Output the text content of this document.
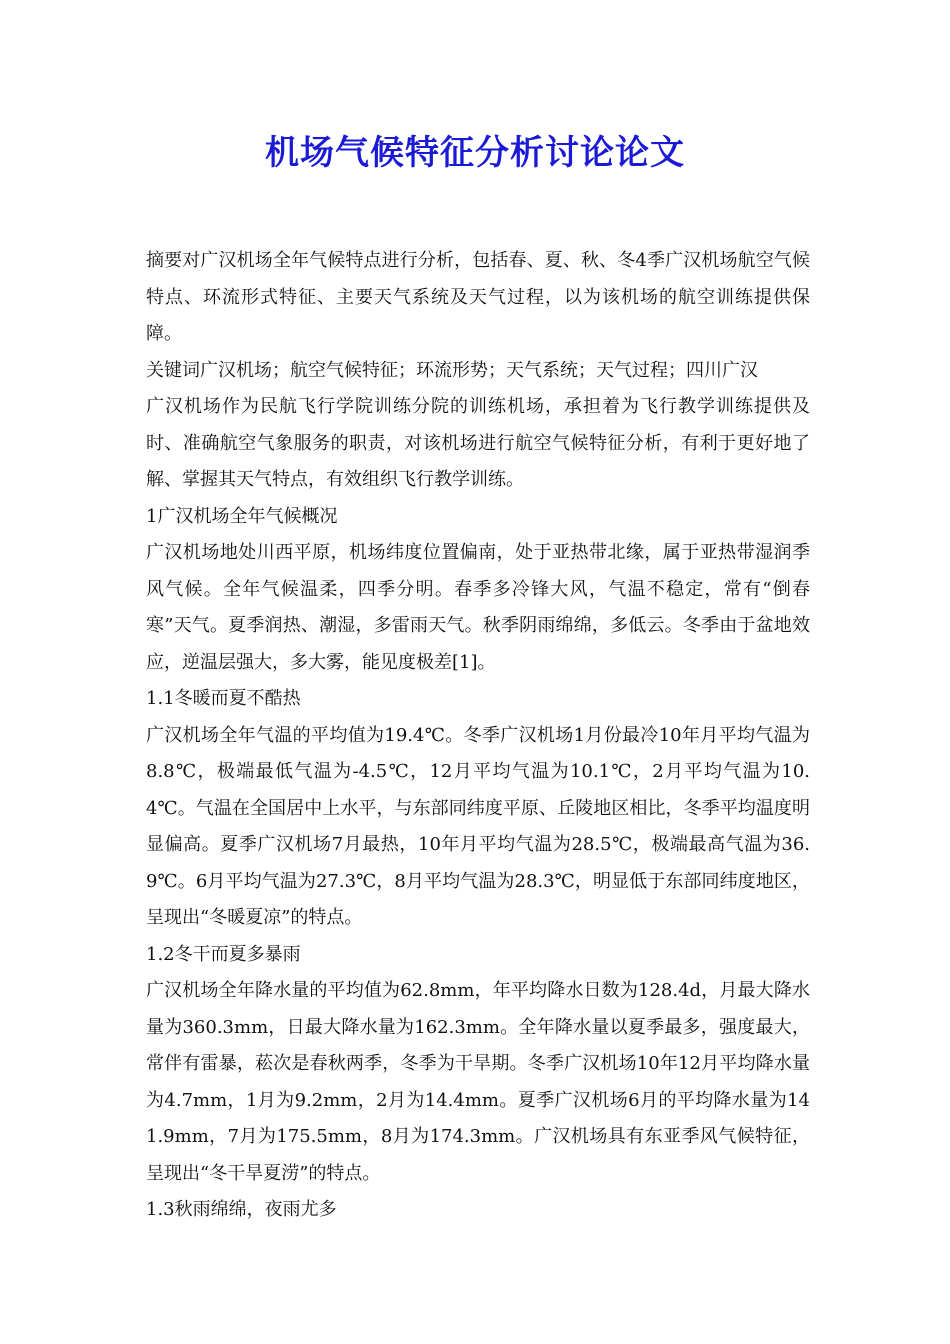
机场气候特征分析讨论论文

摘要对广汉机场全年气候特点进行分析，包括春、夏、秋、冬4季广汉机场航空气候特点、环流形式特征、主要天气系统及天气过程，以为该机场的航空训练提供保障。

关键词广汉机场；航空气候特征；环流形势；天气系统；天气过程；四川广汉

广汉机场作为民航飞行学院训练分院的训练机场，承担着为飞行教学训练提供及时、准确航空气象服务的职责，对该机场进行航空气候特征分析，有利于更好地了解、掌握其天气特点，有效组织飞行教学训练。

1广汉机场全年气候概况

广汉机场地处川西平原，机场纬度位置偏南，处于亚热带北缘，属于亚热带湿润季风气候。全年气候温柔，四季分明。春季多冷锋大风，气温不稳定，常有“倒春寒”天气。夏季润热、潮湿，多雷雨天气。秋季阴雨绵绵，多低云。冬季由于盆地效应，逆温层强大，多大雾，能见度极差[1]。

1.1冬暖而夏不酷热

广汉机场全年气温的平均值为19.4℃。冬季广汉机场1月份最冷10年月平均气温为8.8℃，极端最低气温为-4.5℃，12月平均气温为10.1℃，2月平均气温为10.4℃。气温在全国居中上水平，与东部同纬度平原、丘陵地区相比，冬季平均温度明显偏高。夏季广汉机场7月最热，10年月平均气温为28.5℃，极端最高气温为36.9℃。6月平均气温为27.3℃，8月平均气温为28.3℃，明显低于东部同纬度地区，呈现出“冬暖夏凉”的特点。

1.2冬干而夏多暴雨

广汉机场全年降水量的平均值为62.8mm，年平均降水日数为128.4d，月最大降水量为360.3mm，日最大降水量为162.3mm。全年降水量以夏季最多，强度最大，常伴有雷暴，菘次是春秋两季，冬季为干旱期。冬季广汉机场10年12月平均降水量为4.7mm，1月为9.2mm，2月为14.4mm。夏季广汉机场6月的平均降水量为141.9mm，7月为175.5mm，8月为174.3mm。广汉机场具有东亚季风气候特征，呈现出“冬干旱夏涝”的特点。

1.3秋雨绵绵，夜雨尤多
